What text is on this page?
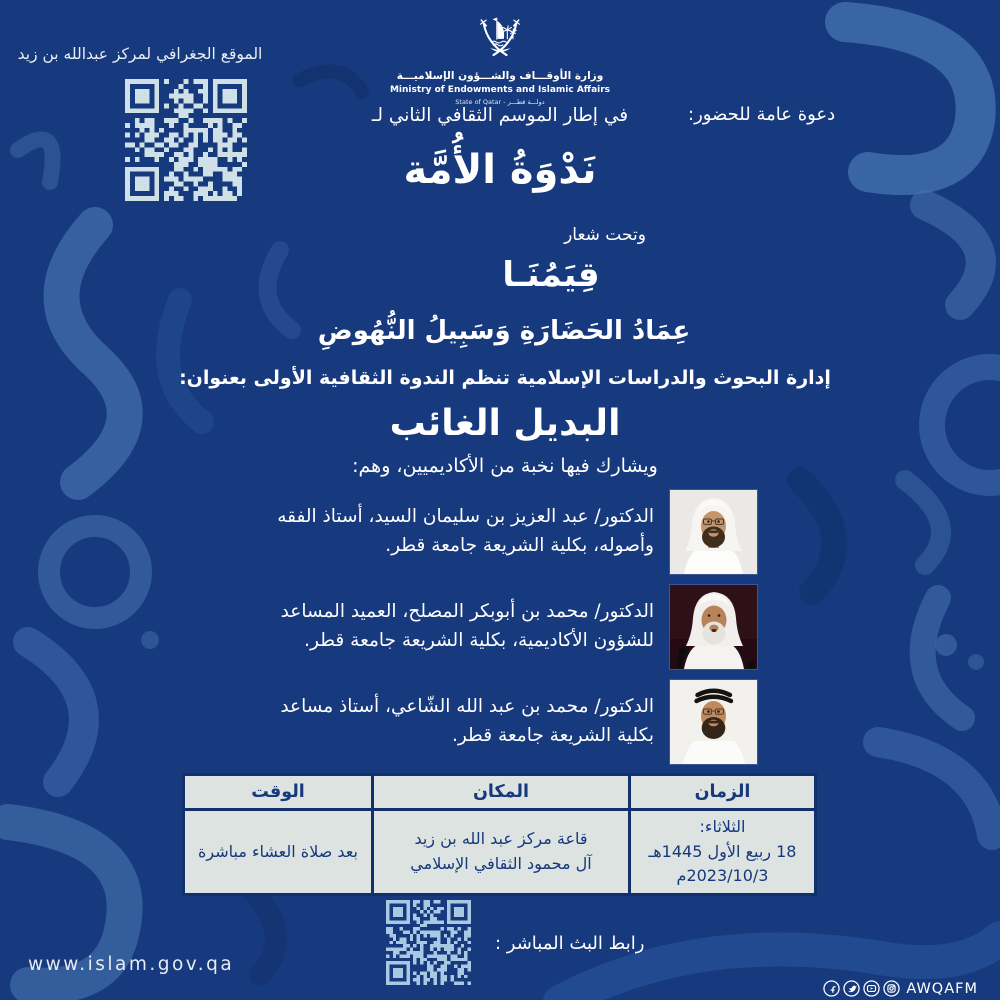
الموقع الجغرافي لمركز عبدالله بن زيد
وزارة الأوقـــاف والشـــؤون الإسلاميـــة
Ministry of Endowments and Islamic Affairs
دولـــة قطـــر - State of Qatar
دعوة عامة للحضور:
في إطار الموسم الثقافي الثاني لـ
نَدْوَةُ الأُمَّة
وتحت شعار
قِيَمُنَـا
عِمَادُ الحَضَارَةِ وَسَبِيلُ النُّهُوضِ
إدارة البحوث والدراسات الإسلامية تنظم الندوة الثقافية الأولى بعنوان:
البديل الغائب
ويشارك فيها نخبة من الأكاديميين، وهم:
الدكتور/ عبد العزيز بن سليمان السيد، أستاذ الفقه وأصوله، بكلية الشريعة جامعة قطر.
الدكتور/ محمد بن أبوبكر المصلح، العميد المساعد للشؤون الأكاديمية، بكلية الشريعة جامعة قطر.
الدكتور/ محمد بن عبد الله الشّاعي، أستاذ مساعد بكلية الشريعة جامعة قطر.
الزمان
المكان
الوقت
الثلاثاء:
18 ربيع الأول 1445هـ
2023/10/3م
قاعة مركز عبد الله بن زيد
آل محمود الثقافي الإسلامي
بعد صلاة العشاء مباشرة
رابط البث المباشر :
www.islam.gov.qa
AWQAFM
